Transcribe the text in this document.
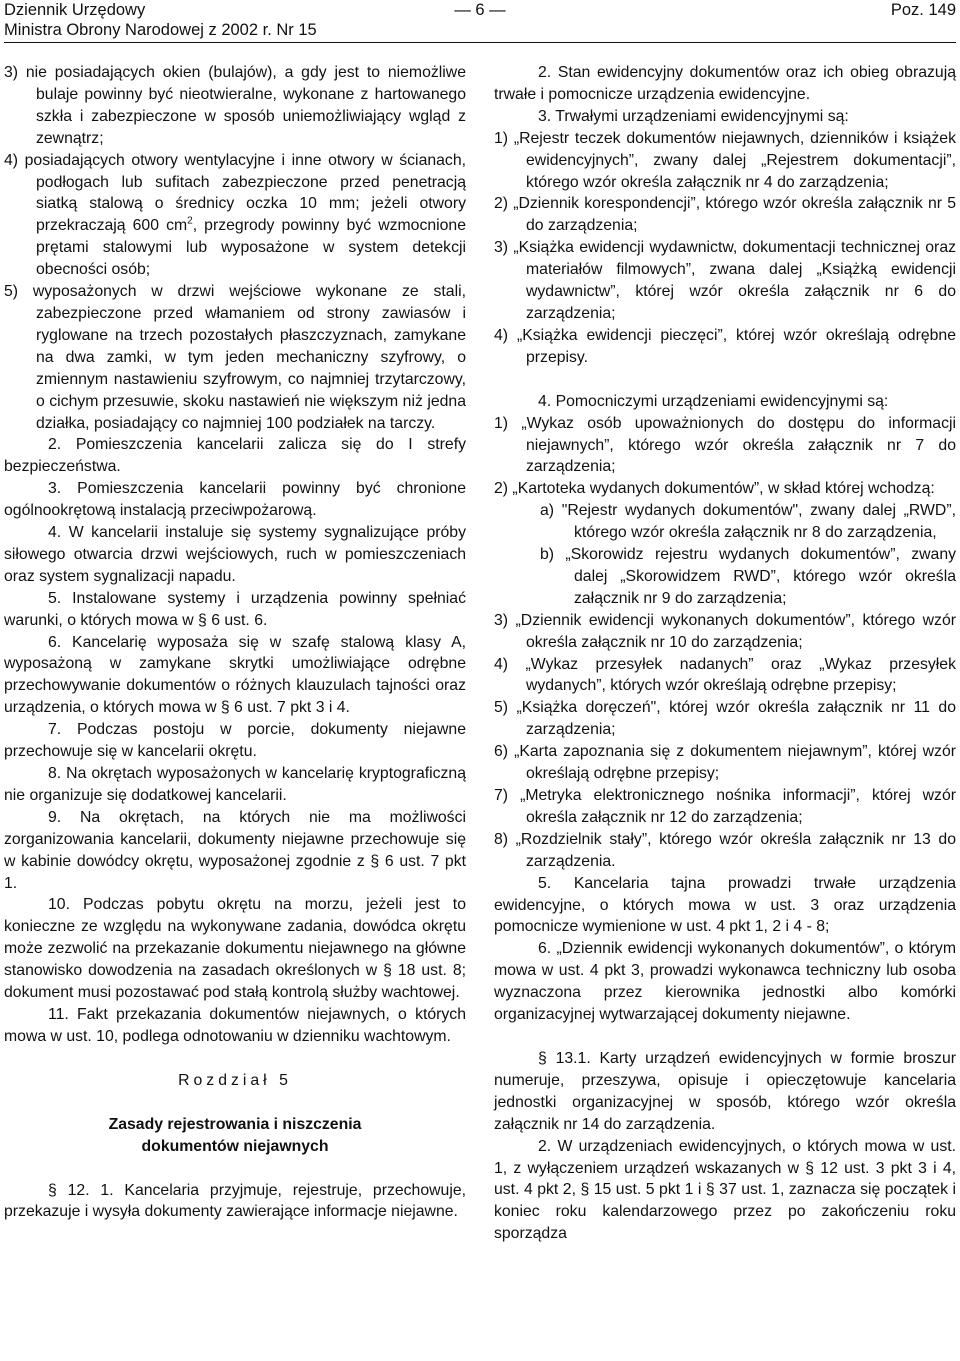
Dziennik Urzędowy
Ministra Obrony Narodowej z 2002 r. Nr 15
— 6 —	Poz. 149

3) nie posiadających okien (bulajów), a gdy jest to niemożliwe bulaje powinny być nieotwieralne, wykonane z hartowanego szkła i zabezpieczone w sposób uniemożliwiający wgląd z zewnątrz;

4) posiadających otwory wentylacyjne i inne otwory w ścianach, podłogach lub sufitach zabezpieczone przed penetracją siatką stalową o średnicy oczka 10 mm; jeżeli otwory przekraczają 600 $cm^2$, przegrody powinny być wzmocnione prętami stalowymi lub wyposażone w system detekcji obecności osób;

5) wyposażonych w drzwi wejściowe wykonane ze stali, zabezpieczone przed włamaniem od strony zawiasów i ryglowane na trzech pozostałych płaszczyznach, zamykane na dwa zamki, w tym jeden mechaniczny szyfrowy, o zmiennym nastawieniu szyfrowym, co najmniej trzytarczowy, o cichym przesuwie, skoku nastawień nie większym niż jedna działka, posiadający co najmniej 100 podziałek na tarczy.

2. Pomieszczenia kancelarii zalicza się do I strefy bezpieczeństwa.

3. Pomieszczenia kancelarii powinny być chronione ogólnookrętową instalacją przeciwpożarową.

4. W kancelarii instaluje się systemy sygnalizujące próby siłowego otwarcia drzwi wejściowych, ruch w pomieszczeniach oraz system sygnalizacji napadu.

5. Instalowane systemy i urządzenia powinny spełniać warunki, o których mowa w § 6 ust. 6.

6. Kancelarię wyposaża się w szafę stalową klasy A, wyposażoną w zamykane skrytki umożliwiające odrębne przechowywanie dokumentów o różnych klauzulach tajności oraz urządzenia, o których mowa w § 6 ust. 7 pkt 3 i 4.

7. Podczas postoju w porcie, dokumenty niejawne przechowuje się w kancelarii okrętu.

8. Na okrętach wyposażonych w kancelarię kryptograficzną nie organizuje się dodatkowej kancelarii.

9. Na okrętach, na których nie ma możliwości zorganizowania kancelarii, dokumenty niejawne przechowuje się w kabinie dowódcy okrętu, wyposażonej zgodnie z § 6 ust. 7 pkt 1.

10. Podczas pobytu okrętu na morzu, jeżeli jest to konieczne ze względu na wykonywane zadania, dowódca okrętu może zezwolić na przekazanie dokumentu niejawnego na główne stanowisko dowodzenia na zasadach określonych w § 18 ust. 8; dokument musi pozostawać pod stałą kontrolą służby wachtowej.

11. Fakt przekazania dokumentów niejawnych, o których mowa w ust. 10, podlega odnotowaniu w dzienniku wachtowym.

Rozdział 5

Zasady rejestrowania i niszczenia

dokumentów niejawnych

§ 12. 1. Kancelaria przyjmuje, rejestruje, przechowuje, przekazuje i wysyła dokumenty zawierające informacje niejawne.

2. Stan ewidencyjny dokumentów oraz ich obieg obrazują trwałe i pomocnicze urządzenia ewidencyjne.

3. Trwałymi urządzeniami ewidencyjnymi są:

1) „Rejestr teczek dokumentów niejawnych, dzienników i książek ewidencyjnych”, zwany dalej „Rejestrem dokumentacji”, którego wzór określa załącznik nr 4 do zarządzenia;

2) „Dziennik korespondencji”, którego wzór określa załącznik nr 5 do zarządzenia;

3) „Książka ewidencji wydawnictw, dokumentacji technicznej oraz materiałów filmowych”, zwana dalej „Książką ewidencji wydawnictw”, której wzór określa załącznik nr 6 do zarządzenia;

4) „Książka ewidencji pieczęci”, której wzór określają odrębne przepisy.

4. Pomocniczymi urządzeniami ewidencyjnymi są:

1) „Wykaz osób upoważnionych do dostępu do informacji niejawnych”, którego wzór określa załącznik nr 7 do zarządzenia;

2) „Kartoteka wydanych dokumentów”, w skład której wchodzą:

a) "Rejestr wydanych dokumentów", zwany dalej „RWD”, którego wzór określa załącznik nr 8 do zarządzenia,

b) „Skorowidz rejestru wydanych dokumentów”, zwany dalej „Skorowidzem RWD”, którego wzór określa załącznik nr 9 do zarządzenia;

3) „Dziennik ewidencji wykonanych dokumentów”, którego wzór określa załącznik nr 10 do zarządzenia;

4) „Wykaz przesyłek nadanych” oraz „Wykaz przesyłek wydanych”, których wzór określają odrębne przepisy;

5) „Książka doręczeń", której wzór określa załącznik nr 11 do zarządzenia;

6) „Karta zapoznania się z dokumentem niejawnym”, której wzór określają odrębne przepisy;

7) „Metryka elektronicznego nośnika informacji”, której wzór określa załącznik nr 12 do zarządzenia;

8) „Rozdzielnik stały”, którego wzór określa załącznik nr 13 do zarządzenia.

5. Kancelaria tajna prowadzi trwałe urządzenia ewidencyjne, o których mowa w ust. 3 oraz urządzenia pomocnicze wymienione w ust. 4 pkt 1, 2 i 4 - 8;

6. „Dziennik ewidencji wykonanych dokumentów”, o którym mowa w ust. 4 pkt 3, prowadzi wykonawca techniczny lub osoba wyznaczona przez kierownika jednostki albo komórki organizacyjnej wytwarzającej dokumenty niejawne.

§ 13.1. Karty urządzeń ewidencyjnych w formie broszur numeruje, przeszywa, opisuje i opieczętowuje kancelaria jednostki organizacyjnej w sposób, którego wzór określa załącznik nr 14 do zarządzenia.

2. W urządzeniach ewidencyjnych, o których mowa w ust. 1, z wyłączeniem urządzeń wskazanych w § 12 ust. 3 pkt 3 i 4, ust. 4 pkt 2, § 15 ust. 5 pkt 1 i § 37 ust. 1, zaznacza się początek i koniec roku kalendarzowego przez po zakończeniu roku sporządza
